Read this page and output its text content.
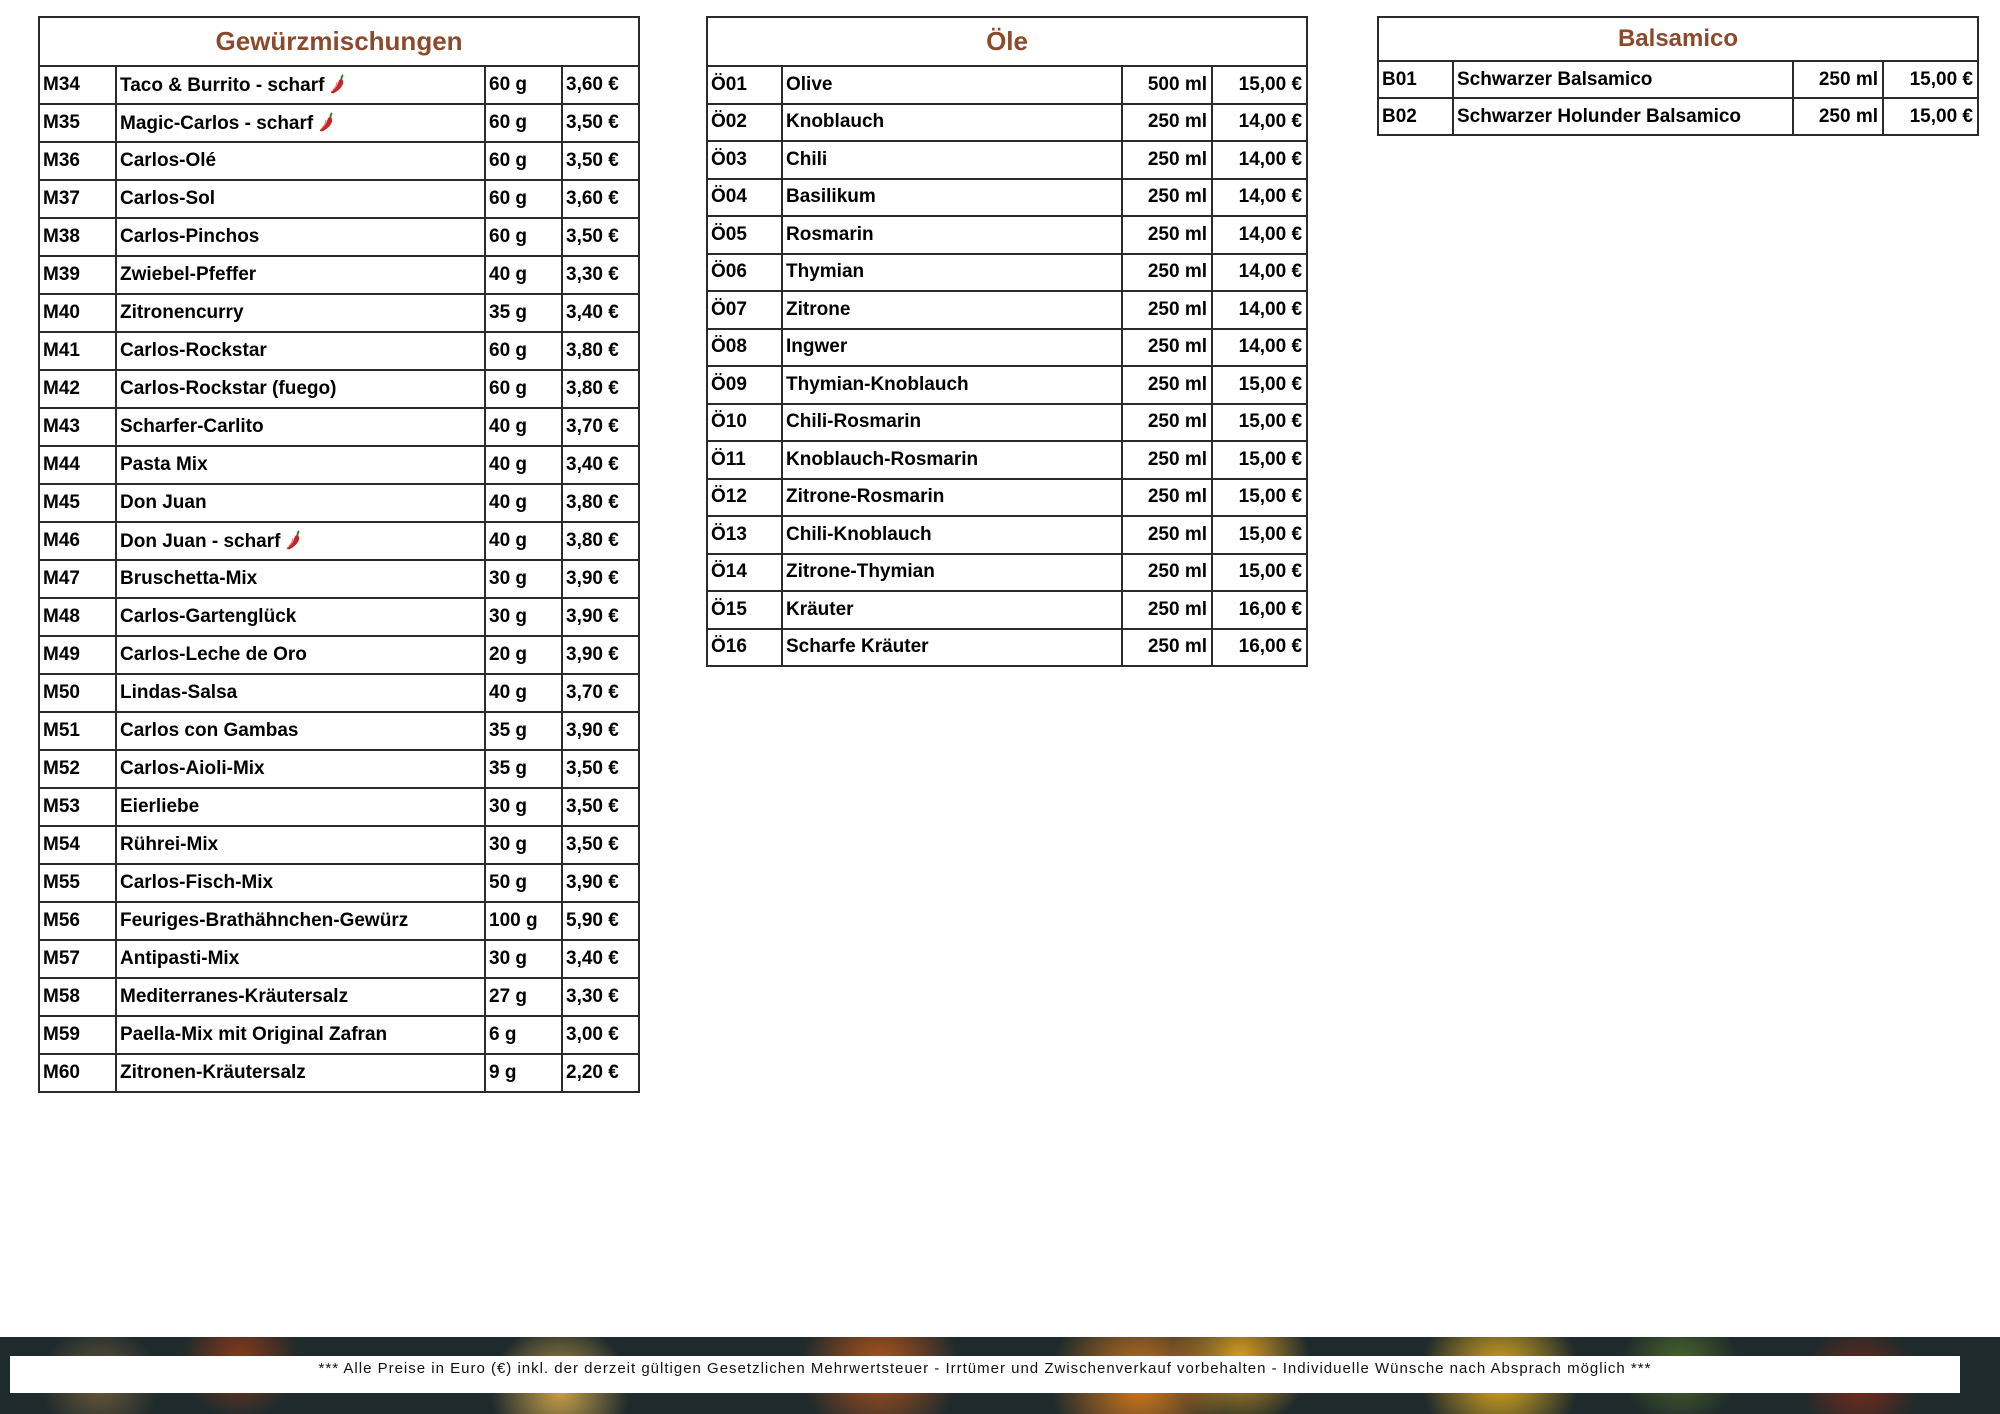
Gewürzmischungen			
M34	Taco & Burrito - scharf	60 g	3,60 €
M35	Magic-Carlos - scharf	60 g	3,50 €
M36	Carlos-Olé	60 g	3,50 €
M37	Carlos-Sol	60 g	3,60 €
M38	Carlos-Pinchos	60 g	3,50 €
M39	Zwiebel-Pfeffer	40 g	3,30 €
M40	Zitronencurry	35 g	3,40 €
M41	Carlos-Rockstar	60 g	3,80 €
M42	Carlos-Rockstar (fuego)	60 g	3,80 €
M43	Scharfer-Carlito	40 g	3,70 €
M44	Pasta Mix	40 g	3,40 €
M45	Don Juan	40 g	3,80 €
M46	Don Juan - scharf	40 g	3,80 €
M47	Bruschetta-Mix	30 g	3,90 €
M48	Carlos-Gartenglück	30 g	3,90 €
M49	Carlos-Leche de Oro	20 g	3,90 €
M50	Lindas-Salsa	40 g	3,70 €
M51	Carlos con Gambas	35 g	3,90 €
M52	Carlos-Aioli-Mix	35 g	3,50 €
M53	Eierliebe	30 g	3,50 €
M54	Rührei-Mix	30 g	3,50 €
M55	Carlos-Fisch-Mix	50 g	3,90 €
M56	Feuriges-Brathähnchen-Gewürz	100 g	5,90 €
M57	Antipasti-Mix	30 g	3,40 €
M58	Mediterranes-Kräutersalz	27 g	3,30 €
M59	Paella-Mix mit Original Zafran	6 g	3,00 €
M60	Zitronen-Kräutersalz	9 g	2,20 €
Öle			
Ö01	Olive	500 ml	15,00 €
Ö02	Knoblauch	250 ml	14,00 €
Ö03	Chili	250 ml	14,00 €
Ö04	Basilikum	250 ml	14,00 €
Ö05	Rosmarin	250 ml	14,00 €
Ö06	Thymian	250 ml	14,00 €
Ö07	Zitrone	250 ml	14,00 €
Ö08	Ingwer	250 ml	14,00 €
Ö09	Thymian-Knoblauch	250 ml	15,00 €
Ö10	Chili-Rosmarin	250 ml	15,00 €
Ö11	Knoblauch-Rosmarin	250 ml	15,00 €
Ö12	Zitrone-Rosmarin	250 ml	15,00 €
Ö13	Chili-Knoblauch	250 ml	15,00 €
Ö14	Zitrone-Thymian	250 ml	15,00 €
Ö15	Kräuter	250 ml	16,00 €
Ö16	Scharfe Kräuter	250 ml	16,00 €
Balsamico			
B01	Schwarzer Balsamico	250 ml	15,00 €
B02	Schwarzer Holunder Balsamico	250 ml	15,00 €
*** Alle Preise in Euro (€) inkl. der derzeit gültigen Gesetzlichen Mehrwertsteuer - Irrtümer und Zwischenverkauf vorbehalten - Individuelle Wünsche nach Absprach möglich ***
